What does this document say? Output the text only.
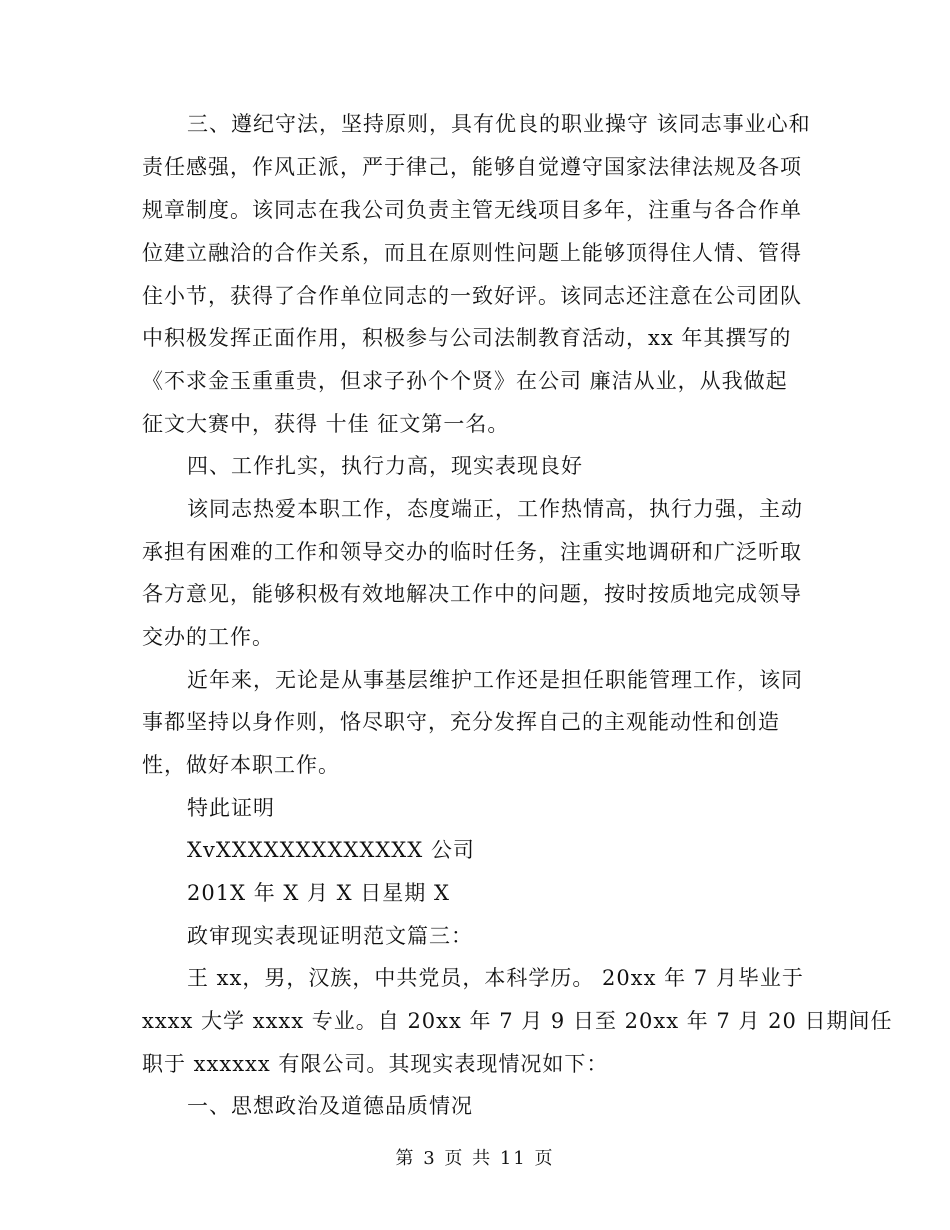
三、遵纪守法，坚持原则，具有优良的职业操守 该同志事业心和
责任感强，作风正派，严于律己，能够自觉遵守国家法律法规及各项
规章制度。该同志在我公司负责主管无线项目多年，注重与各合作单
位建立融洽的合作关系，而且在原则性问题上能够顶得住人情、管得
住小节，获得了合作单位同志的一致好评。该同志还注意在公司团队
中积极发挥正面作用，积极参与公司法制教育活动，xx 年其撰写的
《不求金玉重重贵，但求子孙个个贤》在公司 廉洁从业，从我做起
征文大赛中，获得 十佳 征文第一名。
四、工作扎实，执行力高，现实表现良好
该同志热爱本职工作，态度端正，工作热情高，执行力强，主动
承担有困难的工作和领导交办的临时任务，注重实地调研和广泛听取
各方意见，能够积极有效地解决工作中的问题，按时按质地完成领导
交办的工作。
近年来，无论是从事基层维护工作还是担任职能管理工作，该同
事都坚持以身作则，恪尽职守，充分发挥自己的主观能动性和创造
性，做好本职工作。
特此证明
XvXXXXXXXXXXXXX 公司
201X 年 X 月 X 日星期 X
政审现实表现证明范文篇三：
王 xx，男，汉族，中共党员，本科学历。 20xx 年 7 月毕业于
xxxx 大学 xxxx 专业。自 20xx 年 7 月 9 日至 20xx 年 7 月 20 日期间任
职于 xxxxxx 有限公司。其现实表现情况如下：
一、思想政治及道德品质情况
第 3 页 共 11 页
